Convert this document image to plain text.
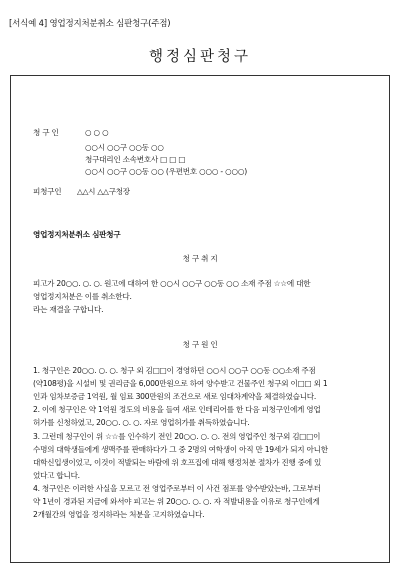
[서식예 4] 영업정지처분취소 심판청구(주점)
행정심판청구
청 구 인	○ ○ ○
○○시 ○○구 ○○동 ○○
청구대리인 소속변호사 □ □ □
○○시 ○○구 ○○동 ○○ (우편번호 ○○○ - ○○○)
피청구인 △△시 △△구청장
영업정지처분취소 심판청구
청 구 취 지
피고가 20○○. ○. ○. 원고에 대하여 한 ○○시 ○○구 ○○동 ○○ 소재 주점 ☆☆에 대한
영업정지처분은 이를 취소한다.
라는 재결을 구합니다.
청 구 원 인
1. 청구인은 20○○. ○. ○. 청구 외 김□□이 경영하던 ○○시 ○○구 ○○동 ○○소재 주점
(약108평)을 시설비 및 권리금을 6,000만원으로 하여 양수받고 건물주인 청구외 이□□ 외 1
인과 임차보증금 1억원, 월 임료 300만원의 조건으로 새로 임대차계약을 체결하였습니다.
2. 이에 청구인은 약 1억원 정도의 비용을 들여 새로 인테리어를 한 다음 피청구인에게 영업
허가를 신청하였고, 20○○. ○. ○. 자로 영업허가를 취득하였습니다.
3. 그런데 청구인이 위 ☆☆를 인수하기 전인 20○○. ○. ○. 전의 영업주인 청구외 김□□이
수명의 대학생들에게 생맥주를 판매하다가 그 중 2명의 여학생이 아직 만 19세가 되지 아니한
대학신입생이었고, 이것이 적발되는 바람에 위 호프집에 대해 행정처분 절차가 진행 중에 있
었다고 합니다.
4. 청구인은 이러한 사실을 모르고 전 영업주로부터 이 사건 점포를 양수받았는바, 그로부터
약 1년이 경과된 지금에 와서야 피고는 위 20○○. ○. ○. 자 적발내용을 이유로 청구인에게
2개월간의 영업을 정지하라는 처분을 고지하였습니다.
